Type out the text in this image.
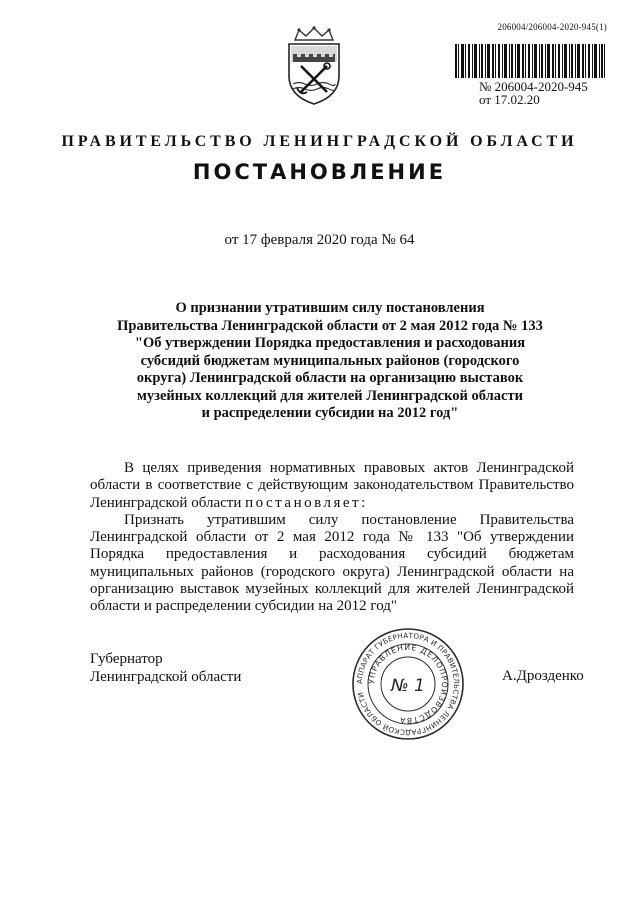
206004/206004-2020-945(1)
№ 206004-2020-945
от 17.02.20
ПРАВИТЕЛЬСТВО ЛЕНИНГРАДСКОЙ ОБЛАСТИ
ПОСТАНОВЛЕНИЕ
от 17 февраля 2020 года № 64
О признании утратившим силу постановления
Правительства Ленинградской области от 2 мая 2012 года № 133
"Об утверждении Порядка предоставления и расходования
субсидий бюджетам муниципальных районов (городского
округа) Ленинградской области на организацию выставок
музейных коллекций для жителей Ленинградской области
и распределении субсидии на 2012 год"

В целях приведения нормативных правовых актов Ленинградской области в соответствие с действующим законодательством Правительство Ленинградской области постановляет:

Признать утратившим силу постановление Правительства Ленинградской области от 2 мая 2012 года № 133 "Об утверждении Порядка предоставления и расходования субсидий бюджетам муниципальных районов (городского округа) Ленинградской области на организацию выставок музейных коллекций для жителей Ленинградской области и распределении субсидии на 2012 год"

Губернатор
Ленинградской области	АППАРАТ ГУБЕРНАТОРА И ПРАВИТЕЛЬСТВА ЛЕНИНГРАДСКОЙ ОБЛАСТИ
УПРАВЛЕНИЕ ДЕЛОПРОИЗВОДСТВА
№ 1	А.Дрозденко
